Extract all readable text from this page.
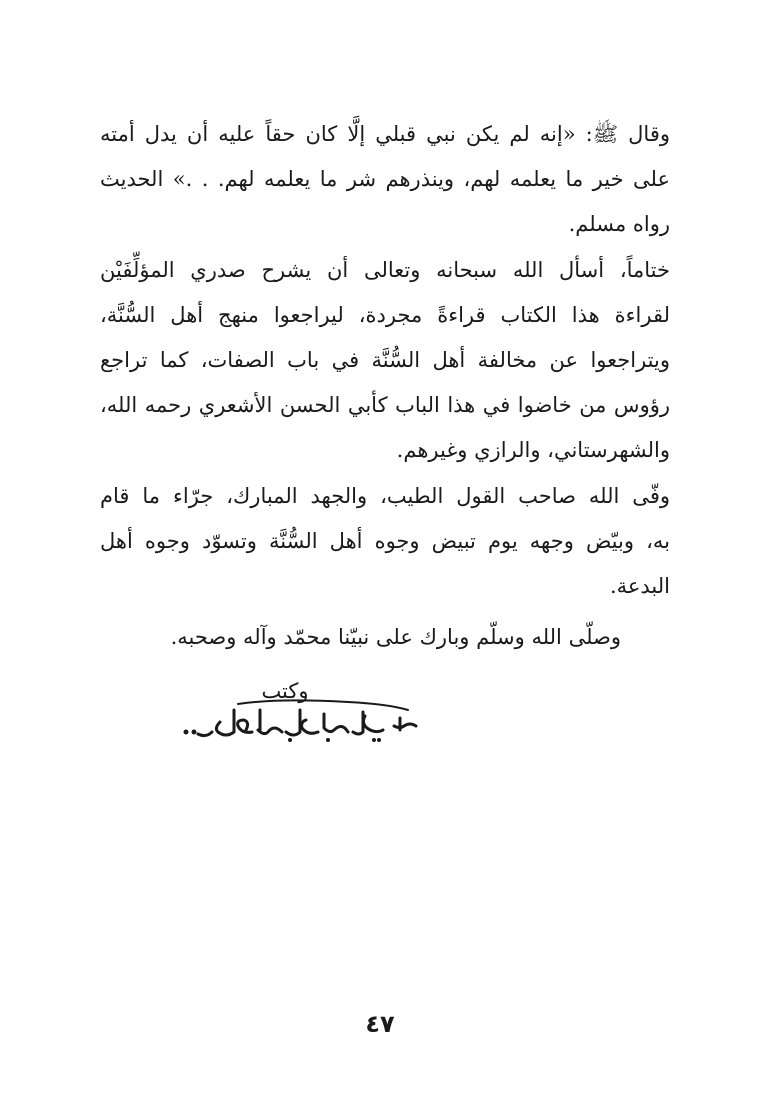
وقال ﷺ: «إنه لم يكن نبي قبلي إلَّا كان حقاً عليه أن يدل أمته
على خير ما يعلمه لهم، وينذرهم شر ما يعلمه لهم. . .» الحديث
رواه مسلم.
ختاماً، أسأل الله سبحانه وتعالى أن يشرح صدري المؤلِّفَيْن
لقراءة هذا الكتاب قراءةً مجردة، ليراجعوا منهج أهل السُّنَّة،
ويتراجعوا عن مخالفة أهل السُّنَّة في باب الصفات، كما تراجع
رؤوس من خاضوا في هذا الباب كأبي الحسن الأشعري رحمه الله،
والشهرستاني، والرازي وغيرهم.
وفّى الله صاحب القول الطيب، والجهد المبارك، جرّاء ما قام
به، وبيّض وجهه يوم تبيض وجوه أهل السُّنَّة وتسوّد وجوه أهل
البدعة.
وصلّى الله وسلّم وبارك على نبيّنا محمّد وآله وصحبه.
وكتب
٤٧
